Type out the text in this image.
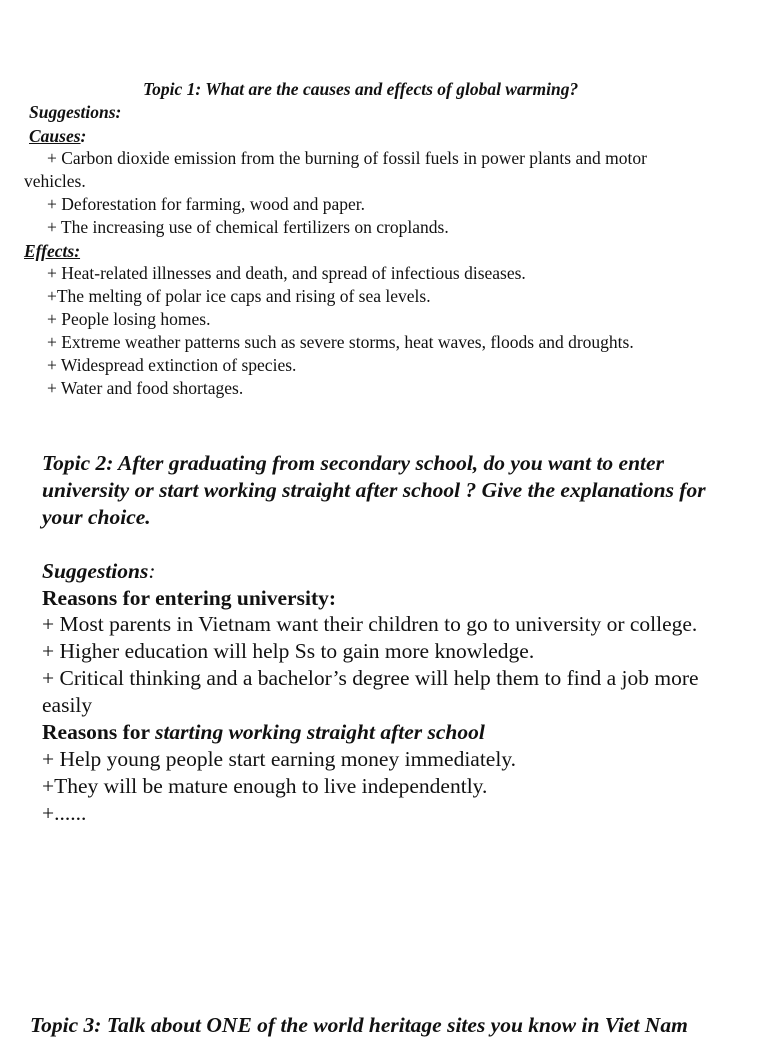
Topic 1: What are the causes and effects of global warming?
Suggestions:
Causes:
+ Carbon dioxide emission from the burning of fossil fuels in power plants and motor
vehicles.
+ Deforestation for farming, wood and paper.
+ The increasing use of chemical fertilizers on croplands.
Effects:
+ Heat-related illnesses and death, and spread of infectious diseases.
+The melting of polar ice caps and rising of sea levels.
+ People losing homes.
+ Extreme weather patterns such as severe storms, heat waves, floods and droughts.
+ Widespread extinction of species.
+ Water and food shortages.
Topic 2: After graduating from secondary school, do you want to enter
university or start working straight after school ? Give the explanations for
your choice.
Suggestions:
Reasons for entering university:
+ Most parents in Vietnam want their children to go to university or college.
+ Higher education will help Ss to gain more knowledge.
+ Critical thinking and a bachelor’s degree will help them to find a job more
easily
Reasons for starting working straight after school
+ Help young people start earning money immediately.
+They will be mature enough to live independently.
+......
Topic 3: Talk about ONE of the world heritage sites you know in Viet Nam
